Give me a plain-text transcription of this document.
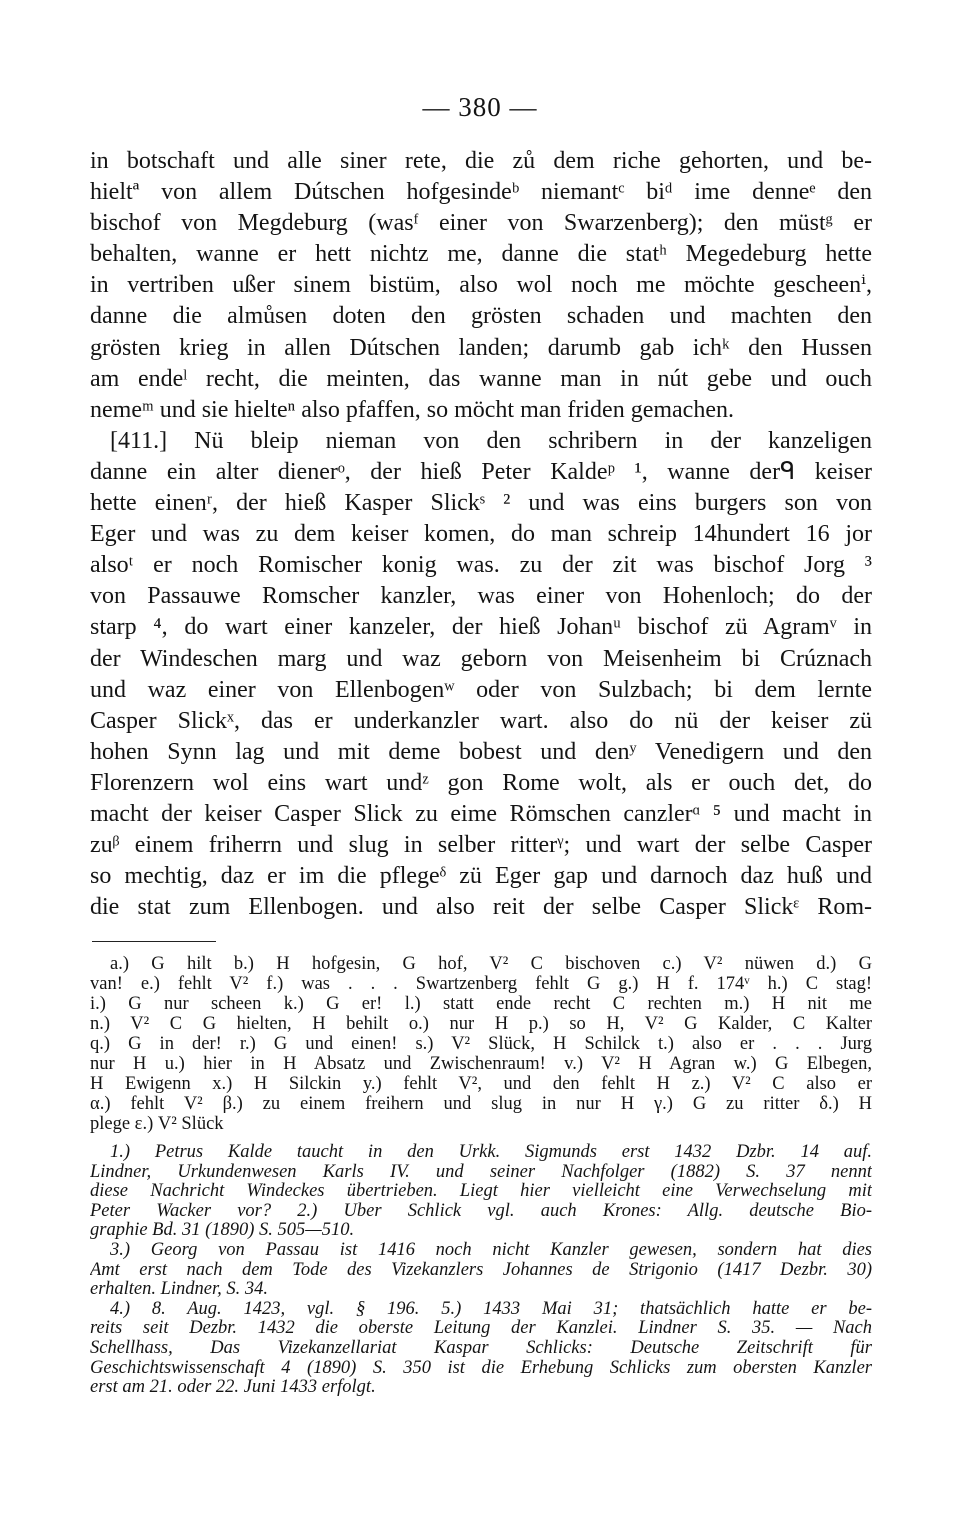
— 380 —
in botschaft und alle siner rete, die zů dem riche gehorten, und be-
hieltª von allem Dútschen hofgesindeᵇ niemantᶜ biᵈ ime denneᵉ den
bischof von Megdeburg (wasᶠ einer von Swarzenberg); den müstᵍ er
behalten, wanne er hett nichtz me, danne die statʰ Megedeburg hette
in vertriben ußer sinem bistüm, also wol noch me möchte gescheenⁱ,
danne die almůsen doten den grösten schaden und machten den
grösten krieg in allen Dútschen landen; darumb gab ichᵏ den Hussen
am endeˡ recht, die meinten, das wanne man in nút gebe und ouch
nemeᵐ und sie hielteⁿ also pfaffen, so möcht man friden gemachen.
[411.] Nü bleip nieman von den schribern in der kanzeligen
danne ein alter dienerᵒ, der hieß Peter Kaldeᵖ ¹, wanne derᑫ keiser
hette einenʳ, der hieß Kasper Slickˢ ² und was eins burgers son von
Eger und was zu dem keiser komen, do man schreip 14hundert 16 jor
alsoᵗ er noch Romischer konig was. zu der zit was bischof Jorg ³
von Passauwe Romscher kanzler, was einer von Hohenloch; do der
starp ⁴, do wart einer kanzeler, der hieß Johanᵘ bischof zü Agramᵛ in
der Windeschen marg und waz geborn von Meisenheim bi Crúznach
und waz einer von Ellenbogenʷ oder von Sulzbach; bi dem lernte
Casper Slickˣ, das er underkanzler wart. also do nü der keiser zü
hohen Synn lag und mit deme bobest und denʸ Venedigern und den
Florenzern wol eins wart undᶻ gon Rome wolt, als er ouch det, do
macht der keiser Casper Slick zu eime Römschen canzlerᵅ ⁵ und macht in
zuᵝ einem friherrn und slug in selber ritterᵞ; und wart der selbe Casper
so mechtig, daz er im die pflegeᵟ zü Eger gap und darnoch daz huß und
die stat zum Ellenbogen. und also reit der selbe Casper Slickᵋ Rom-
a.) G hilt b.) H hofgesin, G hof, V² C bischoven c.) V² nüwen d.) G
van! e.) fehlt V² f.) was . . . Swartzenberg fehlt G g.) H f. 174ᵛ h.) C stag!
i.) G nur scheen k.) G er! l.) statt ende recht C rechten m.) H nit me
n.) V² C G hielten, H behilt o.) nur H p.) so H, V² G Kalder, C Kalter
q.) G in der! r.) G und einen! s.) V² Slück, H Schilck t.) also er . . . Jurg
nur H u.) hier in H Absatz und Zwischenraum! v.) V² H Agran w.) G Elbegen,
H Ewigenn x.) H Silckin y.) fehlt V², und den fehlt H z.) V² C also er
α.) fehlt V² β.) zu einem freihern und slug in nur H γ.) G zu ritter δ.) H
plege ε.) V² Slück
1.) Petrus Kalde taucht in den Urkk. Sigmunds erst 1432 Dzbr. 14 auf.
Lindner, Urkundenwesen Karls IV. und seiner Nachfolger (1882) S. 37 nennt
diese Nachricht Windeckes übertrieben. Liegt hier vielleicht eine Verwechselung mit
Peter Wacker vor? 2.) Über Schlick vgl. auch Krones: Allg. deutsche Bio-
graphie Bd. 31 (1890) S. 505—510.
3.) Georg von Passau ist 1416 noch nicht Kanzler gewesen, sondern hat dies
Amt erst nach dem Tode des Vizekanzlers Johannes de Strigonio (1417 Dezbr. 30)
erhalten. Lindner, S. 34.
4.) 8. Aug. 1423, vgl. § 196. 5.) 1433 Mai 31; thatsächlich hatte er be-
reits seit Dezbr. 1432 die oberste Leitung der Kanzlei. Lindner S. 35. — Nach
Schellhass, Das Vizekanzellariat Kaspar Schlicks: Deutsche Zeitschrift für
Geschichtswissenschaft 4 (1890) S. 350 ist die Erhebung Schlicks zum obersten Kanzler
erst am 21. oder 22. Juni 1433 erfolgt.
